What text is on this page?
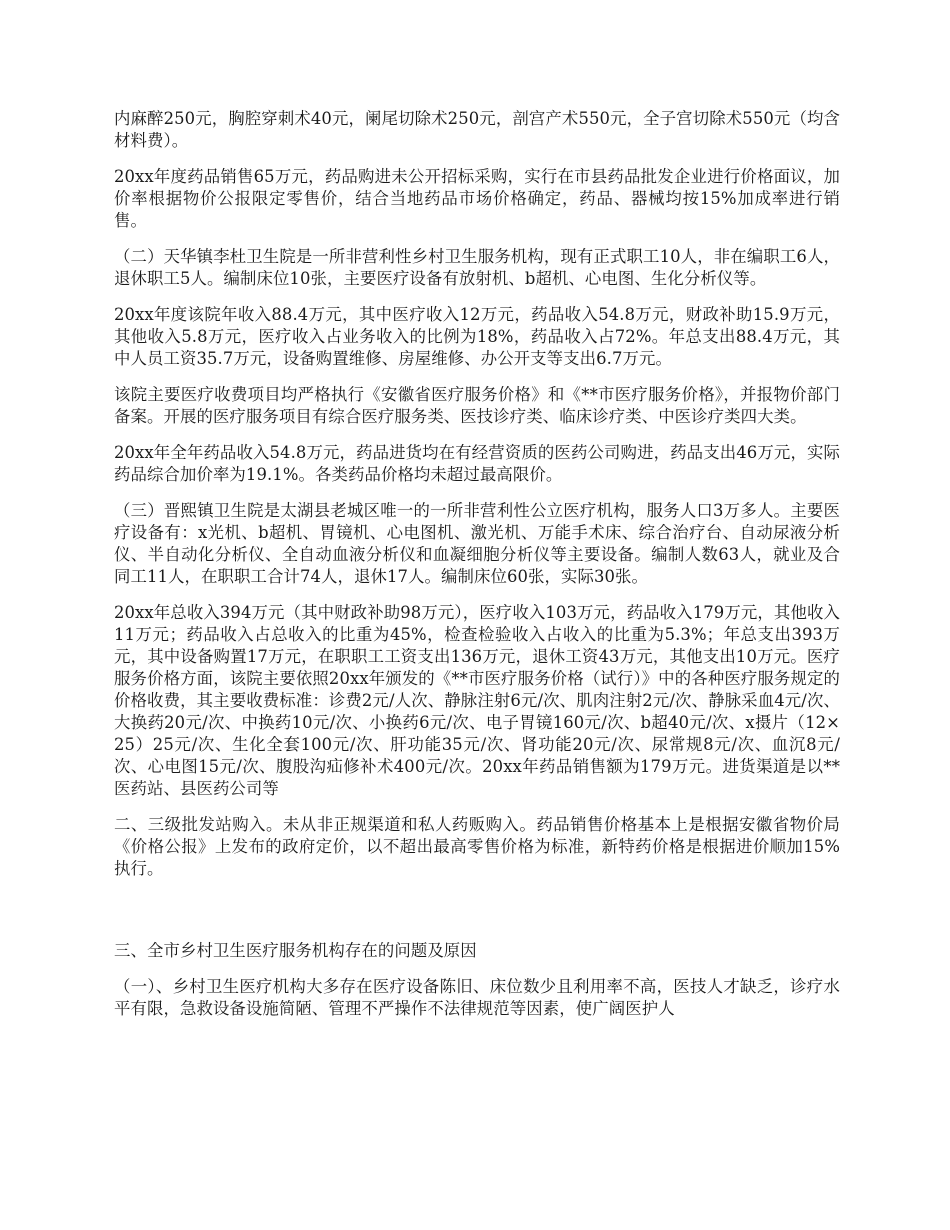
内麻醉250元，胸腔穿刺术40元，阑尾切除术250元，剖宫产术550元，全子宫切除术550元（均含材料费）。

20xx年度药品销售65万元，药品购进未公开招标采购，实行在市县药品批发企业进行价格面议，加价率根据物价公报限定零售价，结合当地药品市场价格确定，药品、器械均按15%加成率进行销售。

（二）天华镇李杜卫生院是一所非营利性乡村卫生服务机构，现有正式职工10人，非在编职工6人，退休职工5人。编制床位10张，主要医疗设备有放射机、b超机、心电图、生化分析仪等。

20xx年度该院年收入88.4万元，其中医疗收入12万元，药品收入54.8万元，财政补助15.9万元，其他收入5.8万元，医疗收入占业务收入的比例为18%，药品收入占72%。年总支出88.4万元，其中人员工资35.7万元，设备购置维修、房屋维修、办公开支等支出6.7万元。

该院主要医疗收费项目均严格执行《安徽省医疗服务价格》和《**市医疗服务价格》，并报物价部门备案。开展的医疗服务项目有综合医疗服务类、医技诊疗类、临床诊疗类、中医诊疗类四大类。

20xx年全年药品收入54.8万元，药品进货均在有经营资质的医药公司购进，药品支出46万元，实际药品综合加价率为19.1%。各类药品价格均未超过最高限价。

（三）晋熙镇卫生院是太湖县老城区唯一的一所非营利性公立医疗机构，服务人口3万多人。主要医疗设备有：x光机、b超机、胃镜机、心电图机、激光机、万能手术床、综合治疗台、自动尿液分析仪、半自动化分析仪、全自动血液分析仪和血凝细胞分析仪等主要设备。编制人数63人，就业及合同工11人，在职职工合计74人，退休17人。编制床位60张，实际30张。

20xx年总收入394万元（其中财政补助98万元），医疗收入103万元，药品收入179万元，其他收入11万元；药品收入占总收入的比重为45%，检查检验收入占收入的比重为5.3%；年总支出393万元，其中设备购置17万元，在职职工工资支出136万元，退休工资43万元，其他支出10万元。医疗服务价格方面，该院主要依照20xx年颁发的《**市医疗服务价格（试行）》中的各种医疗服务规定的价格收费，其主要收费标准：诊费2元/人次、静脉注射6元/次、肌肉注射2元/次、静脉采血4元/次、大换药20元/次、中换药10元/次、小换药6元/次、电子胃镜160元/次、b超40元/次、x摄片（12×25）25元/次、生化全套100元/次、肝功能35元/次、肾功能20元/次、尿常规8元/次、血沉8元/次、心电图15元/次、腹股沟疝修补术400元/次。20xx年药品销售额为179万元。进货渠道是以**医药站、县医药公司等

二、三级批发站购入。未从非正规渠道和私人药贩购入。药品销售价格基本上是根据安徽省物价局《价格公报》上发布的政府定价，以不超出最高零售价格为标准，新特药价格是根据进价顺加15%执行。

三、全市乡村卫生医疗服务机构存在的问题及原因

（一）、乡村卫生医疗机构大多存在医疗设备陈旧、床位数少且利用率不高，医技人才缺乏，诊疗水平有限，急救设备设施简陋、管理不严操作不法律规范等因素，使广阔医护人
